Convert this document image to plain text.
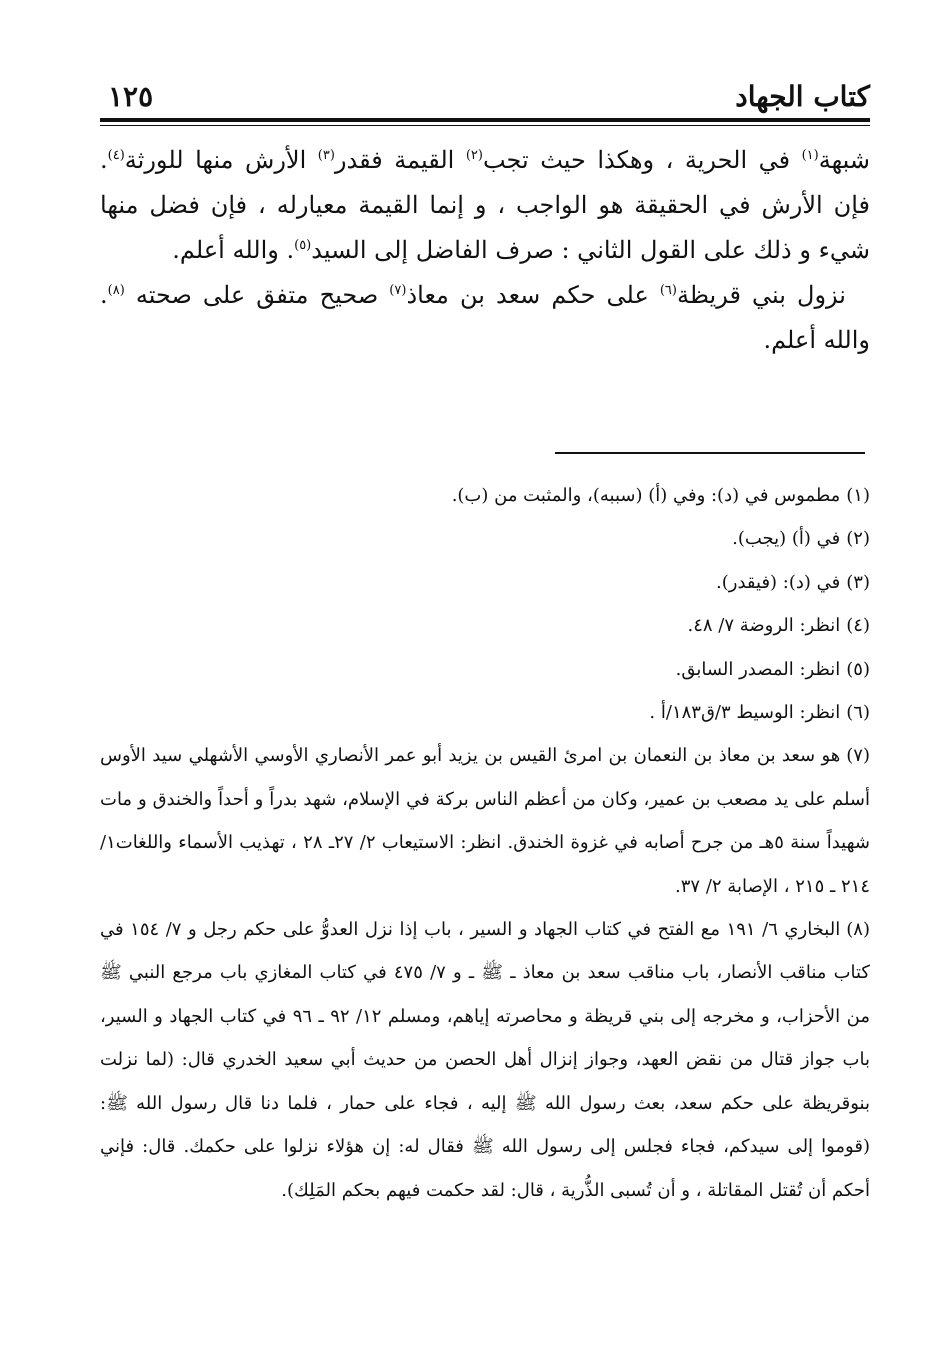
كتاب الجهاد
١٢٥

شبهة$^{(١)}$ في الحرية ، وهكذا حيث تجب$^{(٢)}$ القيمة فقدر$^{(٣)}$ الأرش منها للورثة$^{(٤)}$. فإن الأرش في الحقيقة هو الواجب ، و إنما القيمة معيارله ، فإن فضل منها شيء و ذلك على القول الثاني : صرف الفاضل إلى السيد$^{(٥)}$. والله أعلم.

نزول بني قريظة$^{(٦)}$ على حكم سعد بن معاذ$^{(٧)}$ صحيح متفق على صحته $^{(٨)}$. والله أعلم.

(١)مطموس في (د): وفي (أ) (سببه)، والمثبت من (ب).

(٢)في (أ) (يجب).

(٣)في (د): (فيقدر).

(٤)انظر: الروضة ٧/ ٤٨.

(٥)انظر: المصدر السابق.

(٦)انظر: الوسيط ٣/ق١٨٣/أ .

(٧)هو سعد بن معاذ بن النعمان بن امرئ القيس بن يزيد أبو عمر الأنصاري الأوسي الأشهلي سيد الأوس أسلم على يد مصعب بن عمير، وكان من أعظم الناس بركة في الإسلام، شهد بدراً و أحداً والخندق و مات شهيداً سنة ٥هـ من جرح أصابه في غزوة الخندق. انظر: الاستيعاب ٢/ ٢٧ـ ٢٨ ، تهذيب الأسماء واللغات١/ ٢١٤ ـ ٢١٥ ، الإصابة ٢/ ٣٧.

(٨)البخاري ٦/ ١٩١ مع الفتح في كتاب الجهاد و السير ، باب إذا نزل العدوُّ على حكم رجل و ٧/ ١٥٤ في كتاب مناقب الأنصار، باب مناقب سعد بن معاذ ـ ﷺ ـ و ٧/ ٤٧٥ في كتاب المغازي باب مرجع النبي ﷺ من الأحزاب، و مخرجه إلى بني قريظة و محاصرته إياهم، ومسلم ١٢/ ٩٢ ـ ٩٦ في كتاب الجهاد و السير، باب جواز قتال من نقض العهد، وجواز إنزال أهل الحصن من حديث أبي سعيد الخدري قال: (لما نزلت بنوقريظة على حكم سعد، بعث رسول الله ﷺ إليه ، فجاء على حمار ، فلما دنا قال رسول الله ﷺ: (قوموا إلى سيدكم، فجاء فجلس إلى رسول الله ﷺ فقال له: إن هؤلاء نزلوا على حكمك. قال: فإني أحكم أن تُقتل المقاتلة ، و أن تُسبى الذُّرية ، قال: لقد حكمت فيهم بحكم المَلِك).
